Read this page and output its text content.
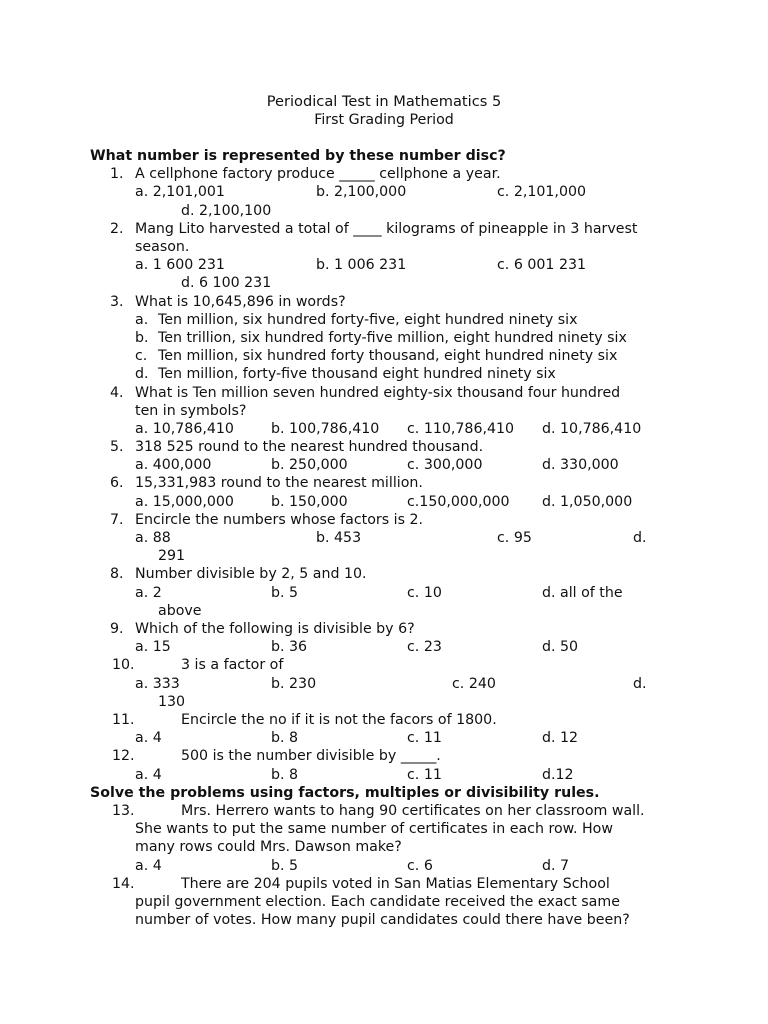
Periodical Test in Mathematics 5
First Grading Period
What number is represented by these number disc?
1. A cellphone factory produce _____ cellphone a year.
a. 2,101,001	b. 2,100,000	c. 2,101,000
d. 2,100,100
2. Mang Lito harvested a total of ____ kilograms of pineapple in 3 harvest
season.
a. 1 600 231	b. 1 006 231	c. 6 001 231
d. 6 100 231
3. What is 10,645,896 in words?
a. Ten million, six hundred forty-five, eight hundred ninety six
b. Ten trillion, six hundred forty-five million, eight hundred ninety six
c. Ten million, six hundred forty thousand, eight hundred ninety six
d. Ten million, forty-five thousand eight hundred ninety six
4. What is Ten million seven hundred eighty-six thousand four hundred
ten in symbols?
a. 10,786,410	b. 100,786,410 c. 110,786,410 d. 10,786,410
5. 318 525 round to the nearest hundred thousand.
a. 400,000	b. 250,000	c. 300,000	d. 330,000
6. 15,331,983 round to the nearest million.
a. 15,000,000	b. 150,000	c.150,000,000 d. 1,050,000
7. Encircle the numbers whose factors is 2.
a. 88	b. 453	c. 95	d.
291
8. Number divisible by 2, 5 and 10.
a. 2	b. 5	c. 10	d. all of the
above
9. Which of the following is divisible by 6?
a. 15	b. 36	c. 23	d. 50
10.	3 is a factor of
a. 333	b. 230	c. 240	d.
130
11.	Encircle the no if it is not the facors of 1800.
a. 4	b. 8	c. 11	d. 12
12.	500 is the number divisible by _____.
a. 4	b. 8	c. 11	d.12
Solve the problems using factors, multiples or divisibility rules.
13.	Mrs. Herrero wants to hang 90 certificates on her classroom wall.
She wants to put the same number of certificates in each row. How
many rows could Mrs. Dawson make?
a. 4	b. 5	c. 6	d. 7
14.	There are 204 pupils voted in San Matias Elementary School
pupil government election. Each candidate received the exact same
number of votes. How many pupil candidates could there have been?
